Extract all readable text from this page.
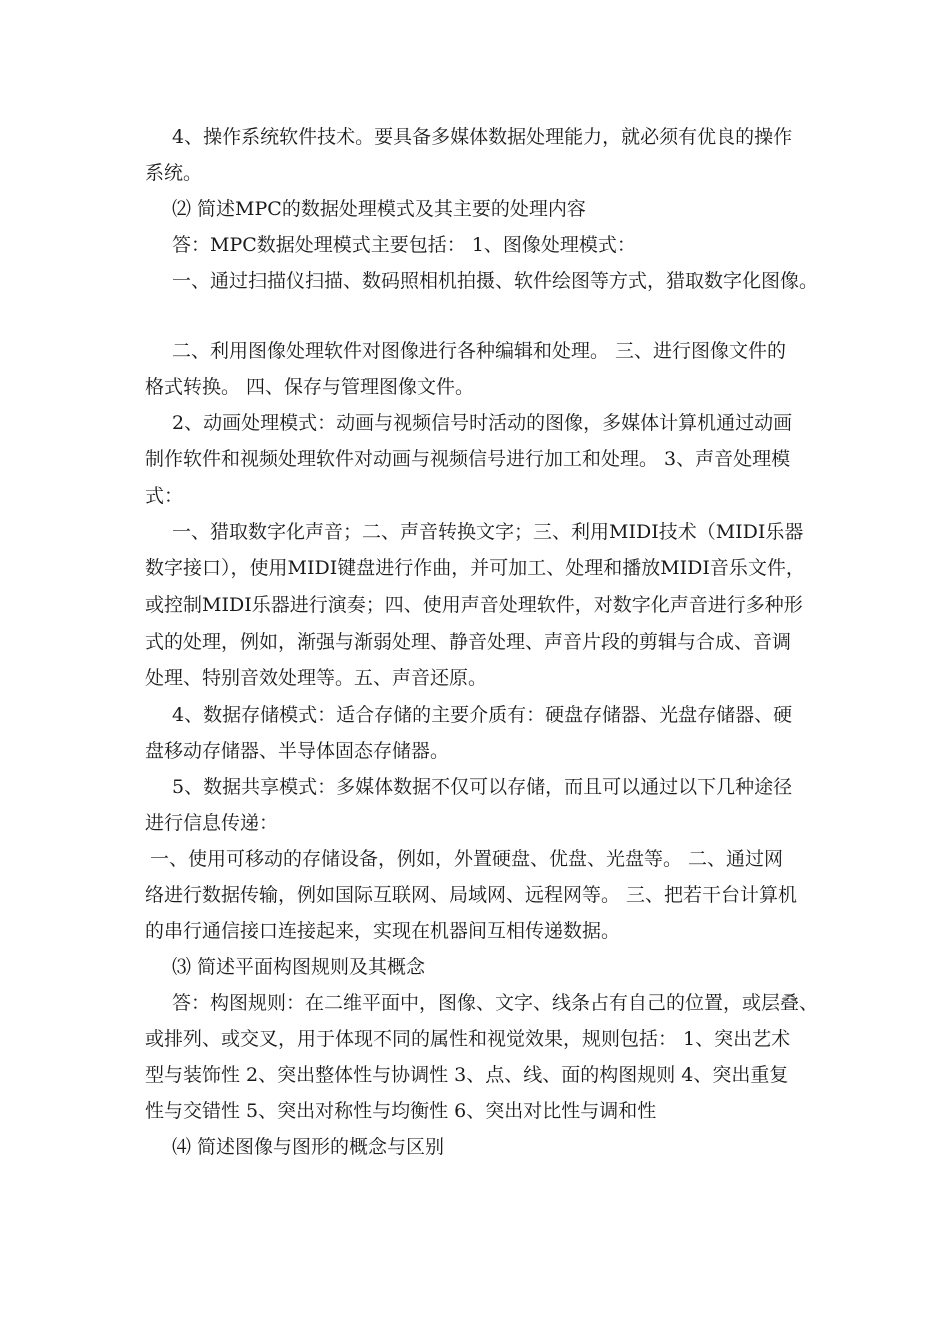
4、操作系统软件技术。要具备多媒体数据处理能力，就必须有优良的操作

系统。

⑵ 简述MPC的数据处理模式及其主要的处理内容

答：MPC数据处理模式主要包括： 1、图像处理模式：

一、通过扫描仪扫描、数码照相机拍摄、软件绘图等方式，猎取数字化图像。

二、利用图像处理软件对图像进行各种编辑和处理。 三、进行图像文件的

格式转换。 四、保存与管理图像文件。

2、动画处理模式：动画与视频信号时活动的图像，多媒体计算机通过动画

制作软件和视频处理软件对动画与视频信号进行加工和处理。 3、声音处理模

式：

一、猎取数字化声音；二、声音转换文字；三、利用MIDI技术（MIDI乐器

数字接口），使用MIDI键盘进行作曲，并可加工、处理和播放MIDI音乐文件，

或控制MIDI乐器进行演奏；四、使用声音处理软件，对数字化声音进行多种形

式的处理，例如，渐强与渐弱处理、静音处理、声音片段的剪辑与合成、音调

处理、特别音效处理等。五、声音还原。

4、数据存储模式：适合存储的主要介质有：硬盘存储器、光盘存储器、硬

盘移动存储器、半导体固态存储器。

5、数据共享模式：多媒体数据不仅可以存储，而且可以通过以下几种途径

进行信息传递：

一、使用可移动的存储设备，例如，外置硬盘、优盘、光盘等。 二、通过网

络进行数据传输，例如国际互联网、局域网、远程网等。 三、把若干台计算机

的串行通信接口连接起来，实现在机器间互相传递数据。

⑶ 简述平面构图规则及其概念

答：构图规则：在二维平面中，图像、文字、线条占有自己的位置，或层叠、

或排列、或交叉，用于体现不同的属性和视觉效果，规则包括： 1、突出艺术

型与装饰性 2、突出整体性与协调性 3、点、线、面的构图规则 4、突出重复

性与交错性 5、突出对称性与均衡性 6、突出对比性与调和性

⑷ 简述图像与图形的概念与区别
